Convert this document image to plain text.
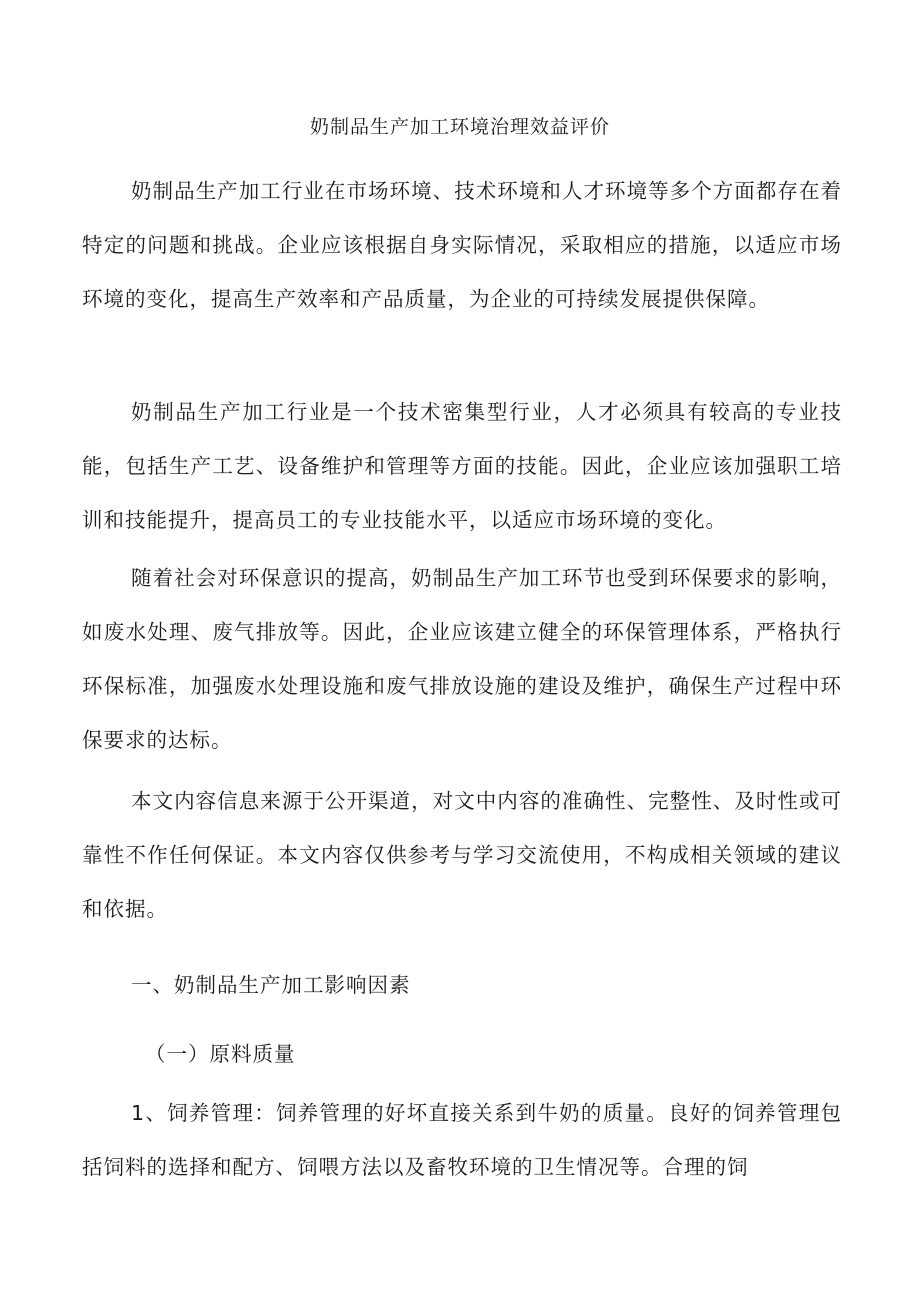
奶制品生产加工环境治理效益评价

奶制品生产加工行业在市场环境、技术环境和人才环境等多个方面都存在着特定的问题和挑战。企业应该根据自身实际情况，采取相应的措施，以适应市场环境的变化，提高生产效率和产品质量，为企业的可持续发展提供保障。

奶制品生产加工行业是一个技术密集型行业，人才必须具有较高的专业技能，包括生产工艺、设备维护和管理等方面的技能。因此，企业应该加强职工培训和技能提升，提高员工的专业技能水平，以适应市场环境的变化。

随着社会对环保意识的提高，奶制品生产加工环节也受到环保要求的影响，如废水处理、废气排放等。因此，企业应该建立健全的环保管理体系，严格执行环保标准，加强废水处理设施和废气排放设施的建设及维护，确保生产过程中环保要求的达标。

本文内容信息来源于公开渠道，对文中内容的准确性、完整性、及时性或可靠性不作任何保证。本文内容仅供参考与学习交流使用，不构成相关领域的建议和依据。

一、奶制品生产加工影响因素
（一）原料质量

1、饲养管理：饲养管理的好坏直接关系到牛奶的质量。良好的饲养管理包括饲料的选择和配方、饲喂方法以及畜牧环境的卫生情况等。合理的饲
